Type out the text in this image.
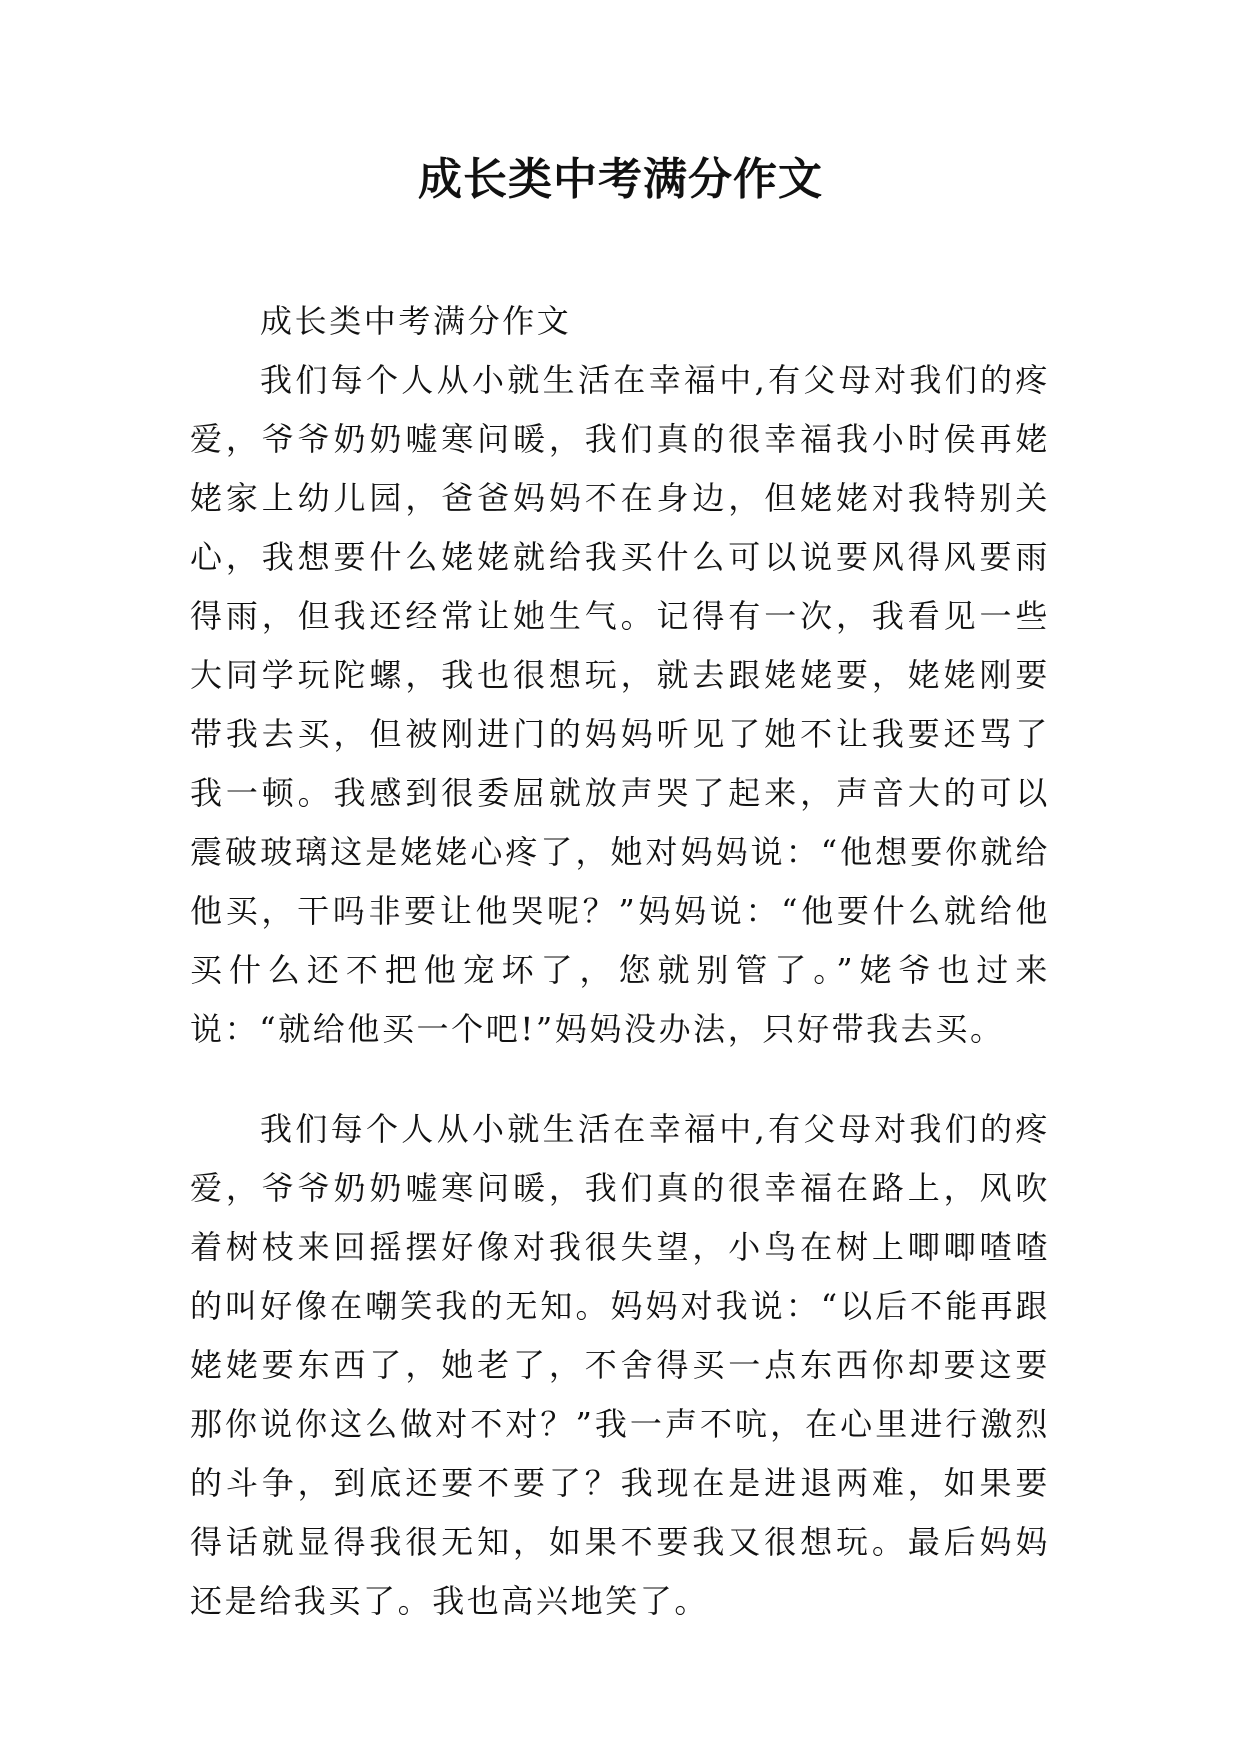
成长类中考满分作文

成长类中考满分作文

我们每个人从小就生活在幸福中,有父母对我们的疼爱，爷爷奶奶嘘寒问暖，我们真的很幸福我小时侯再姥姥家上幼儿园，爸爸妈妈不在身边，但姥姥对我特别关心，我想要什么姥姥就给我买什么可以说要风得风要雨得雨，但我还经常让她生气。记得有一次，我看见一些大同学玩陀螺，我也很想玩，就去跟姥姥要，姥姥刚要带我去买，但被刚进门的妈妈听见了她不让我要还骂了我一顿。我感到很委屈就放声哭了起来，声音大的可以震破玻璃这是姥姥心疼了，她对妈妈说：“他想要你就给他买，干吗非要让他哭呢？”妈妈说：“他要什么就给他买什么还不把他宠坏了，您就别管了。”姥爷也过来说：“就给他买一个吧!”妈妈没办法，只好带我去买。

我们每个人从小就生活在幸福中,有父母对我们的疼爱，爷爷奶奶嘘寒问暖，我们真的很幸福在路上，风吹着树枝来回摇摆好像对我很失望，小鸟在树上唧唧喳喳的叫好像在嘲笑我的无知。妈妈对我说：“以后不能再跟姥姥要东西了，她老了，不舍得买一点东西你却要这要那你说你这么做对不对？”我一声不吭，在心里进行激烈的斗争，到底还要不要了？我现在是进退两难，如果要得话就显得我很无知，如果不要我又很想玩。最后妈妈还是给我买了。我也高兴地笑了。
